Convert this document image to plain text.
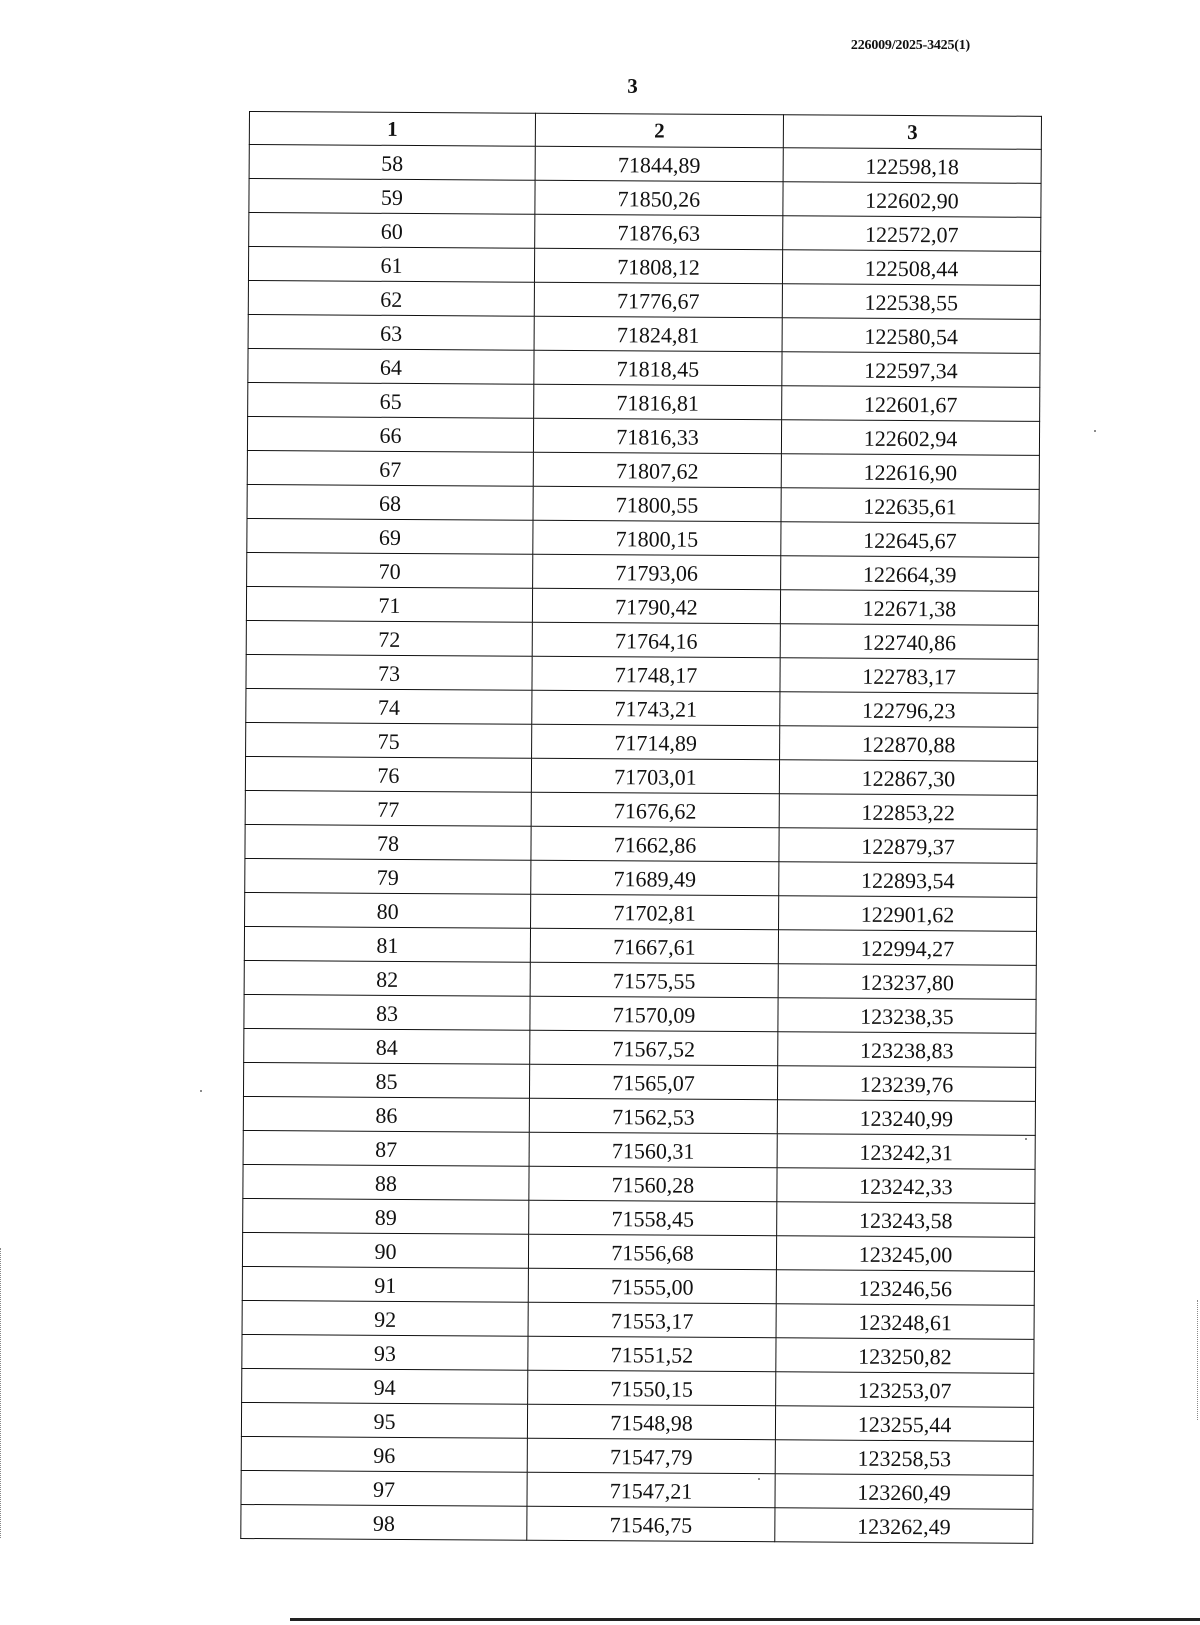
226009/2025-3425(1)
3
1	2	3
58	71844,89	122598,18
59	71850,26	122602,90
60	71876,63	122572,07
61	71808,12	122508,44
62	71776,67	122538,55
63	71824,81	122580,54
64	71818,45	122597,34
65	71816,81	122601,67
66	71816,33	122602,94
67	71807,62	122616,90
68	71800,55	122635,61
69	71800,15	122645,67
70	71793,06	122664,39
71	71790,42	122671,38
72	71764,16	122740,86
73	71748,17	122783,17
74	71743,21	122796,23
75	71714,89	122870,88
76	71703,01	122867,30
77	71676,62	122853,22
78	71662,86	122879,37
79	71689,49	122893,54
80	71702,81	122901,62
81	71667,61	122994,27
82	71575,55	123237,80
83	71570,09	123238,35
84	71567,52	123238,83
85	71565,07	123239,76
86	71562,53	123240,99
87	71560,31	123242,31
88	71560,28	123242,33
89	71558,45	123243,58
90	71556,68	123245,00
91	71555,00	123246,56
92	71553,17	123248,61
93	71551,52	123250,82
94	71550,15	123253,07
95	71548,98	123255,44
96	71547,79	123258,53
97	71547,21	123260,49
98	71546,75	123262,49
